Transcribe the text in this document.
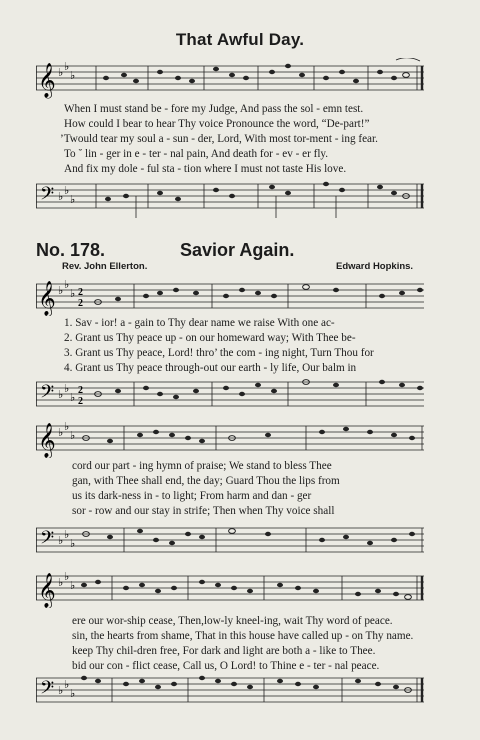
That Awful Day.
𝄞 ♭ ♭
♭
When I must stand be - fore my Judge, And pass the sol - emn test.
How could I bear to hear Thy voice Pronounce the word, “De-part!”
’Twould tear my soul a - sun - der, Lord, With most tor-ment - ing fear.
To ˘ lin - ger in e - ter - nal pain, And death for - ev - er fly.
And fix my dole - ful sta - tion where I must not taste His love.
𝄢 ♭ ♭
♭
No. 178.	Savior Again.
Rev. John Ellerton.	Edward Hopkins.
𝄞 ♭ ♭
♭ 2
2
1. Sav - ior! a - gain to Thy dear name we raise With one ac-
2. Grant us Thy peace up - on our homeward way; With Thee be-
3. Grant us Thy peace, Lord! thro’ the com - ing night, Turn Thou for
4. Grant us Thy peace through-out our earth - ly life, Our balm in
𝄢 ♭ ♭
♭
2
2
𝄞 ♭ ♭
♭
cord our part - ing hymn of praise; We stand to bless Thee
gan, with Thee shall end, the day; Guard Thou the lips from
us its dark-ness in - to light; From harm and dan - ger
sor - row and our stay in strife; Then when Thy voice shall
𝄢 ♭ ♭
♭
𝄞 ♭ ♭
♭
ere our wor-ship cease, Then,low-ly kneel-ing, wait Thy word of peace.
sin, the hearts from shame, That in this house have called up - on Thy name.
keep Thy chil-dren free, For dark and light are both a - like to Thee.
bid our con - flict cease, Call us, O Lord! to Thine e - ter - nal peace.
𝄢 ♭ ♭
♭
